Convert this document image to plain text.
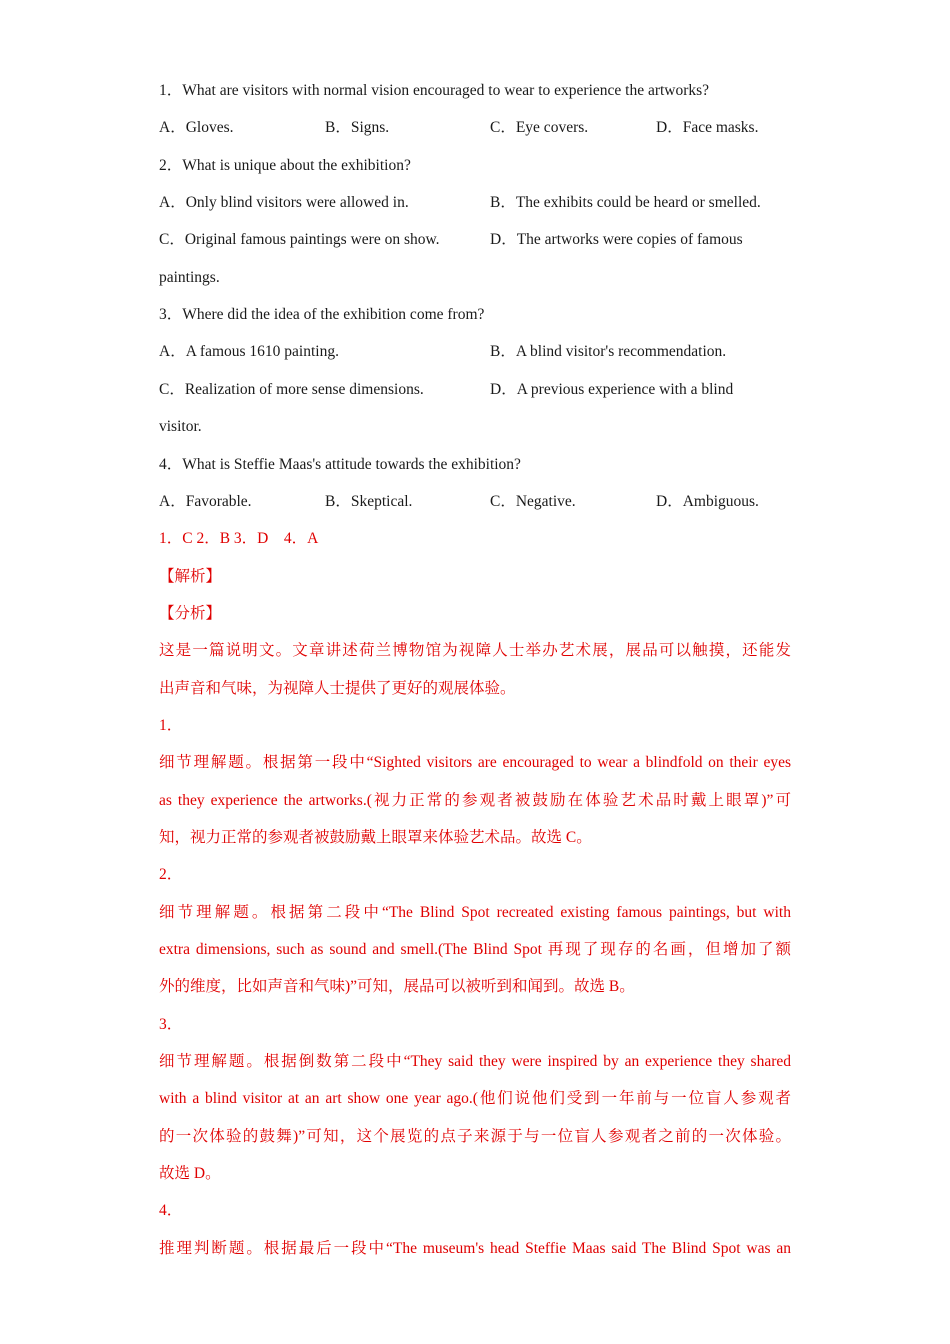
1．What are visitors with normal vision encouraged to wear to experience the artworks?
A．Gloves.	B．Signs.	C．Eye covers.	D．Face masks.
2．What is unique about the exhibition?
A．Only blind visitors were allowed in.	B．The exhibits could be heard or smelled.
C．Original famous paintings were on show.	D．The artworks were copies of famous
paintings.
3．Where did the idea of the exhibition come from?
A．A famous 1610 painting.	B．A blind visitor's recommendation.
C．Realization of more sense dimensions.	D．A previous experience with a blind
visitor.
4．What is Steffie Maas's attitude towards the exhibition?
A．Favorable.	B．Skeptical.	C．Negative.	D．Ambiguous.
1．C 2．B 3．D　4．A
【解析】
【分析】
这是一篇说明文。文章讲述荷兰博物馆为视障人士举办艺术展，展品可以触摸，还能发
出声音和气味，为视障人士提供了更好的观展体验。
1．
细节理解题。根据第一段中“Sighted visitors are encouraged to wear a blindfold on their eyes
as they experience the artworks.(视力正常的参观者被鼓励在体验艺术品时戴上眼罩)”可
知，视力正常的参观者被鼓励戴上眼罩来体验艺术品。故选 C。
2．
细节理解题。根据第二段中“The Blind Spot recreated existing famous paintings, but with
extra dimensions, such as sound and smell.(The Blind Spot 再现了现存的名画，但增加了额
外的维度，比如声音和气味)”可知，展品可以被听到和闻到。故选 B。
3．
细节理解题。根据倒数第二段中“They said they were inspired by an experience they shared
with a blind visitor at an art show one year ago.(他们说他们受到一年前与一位盲人参观者
的一次体验的鼓舞)”可知，这个展览的点子来源于与一位盲人参观者之前的一次体验。
故选 D。
4．
推理判断题。根据最后一段中“The museum's head Steffie Maas said The Blind Spot was an
